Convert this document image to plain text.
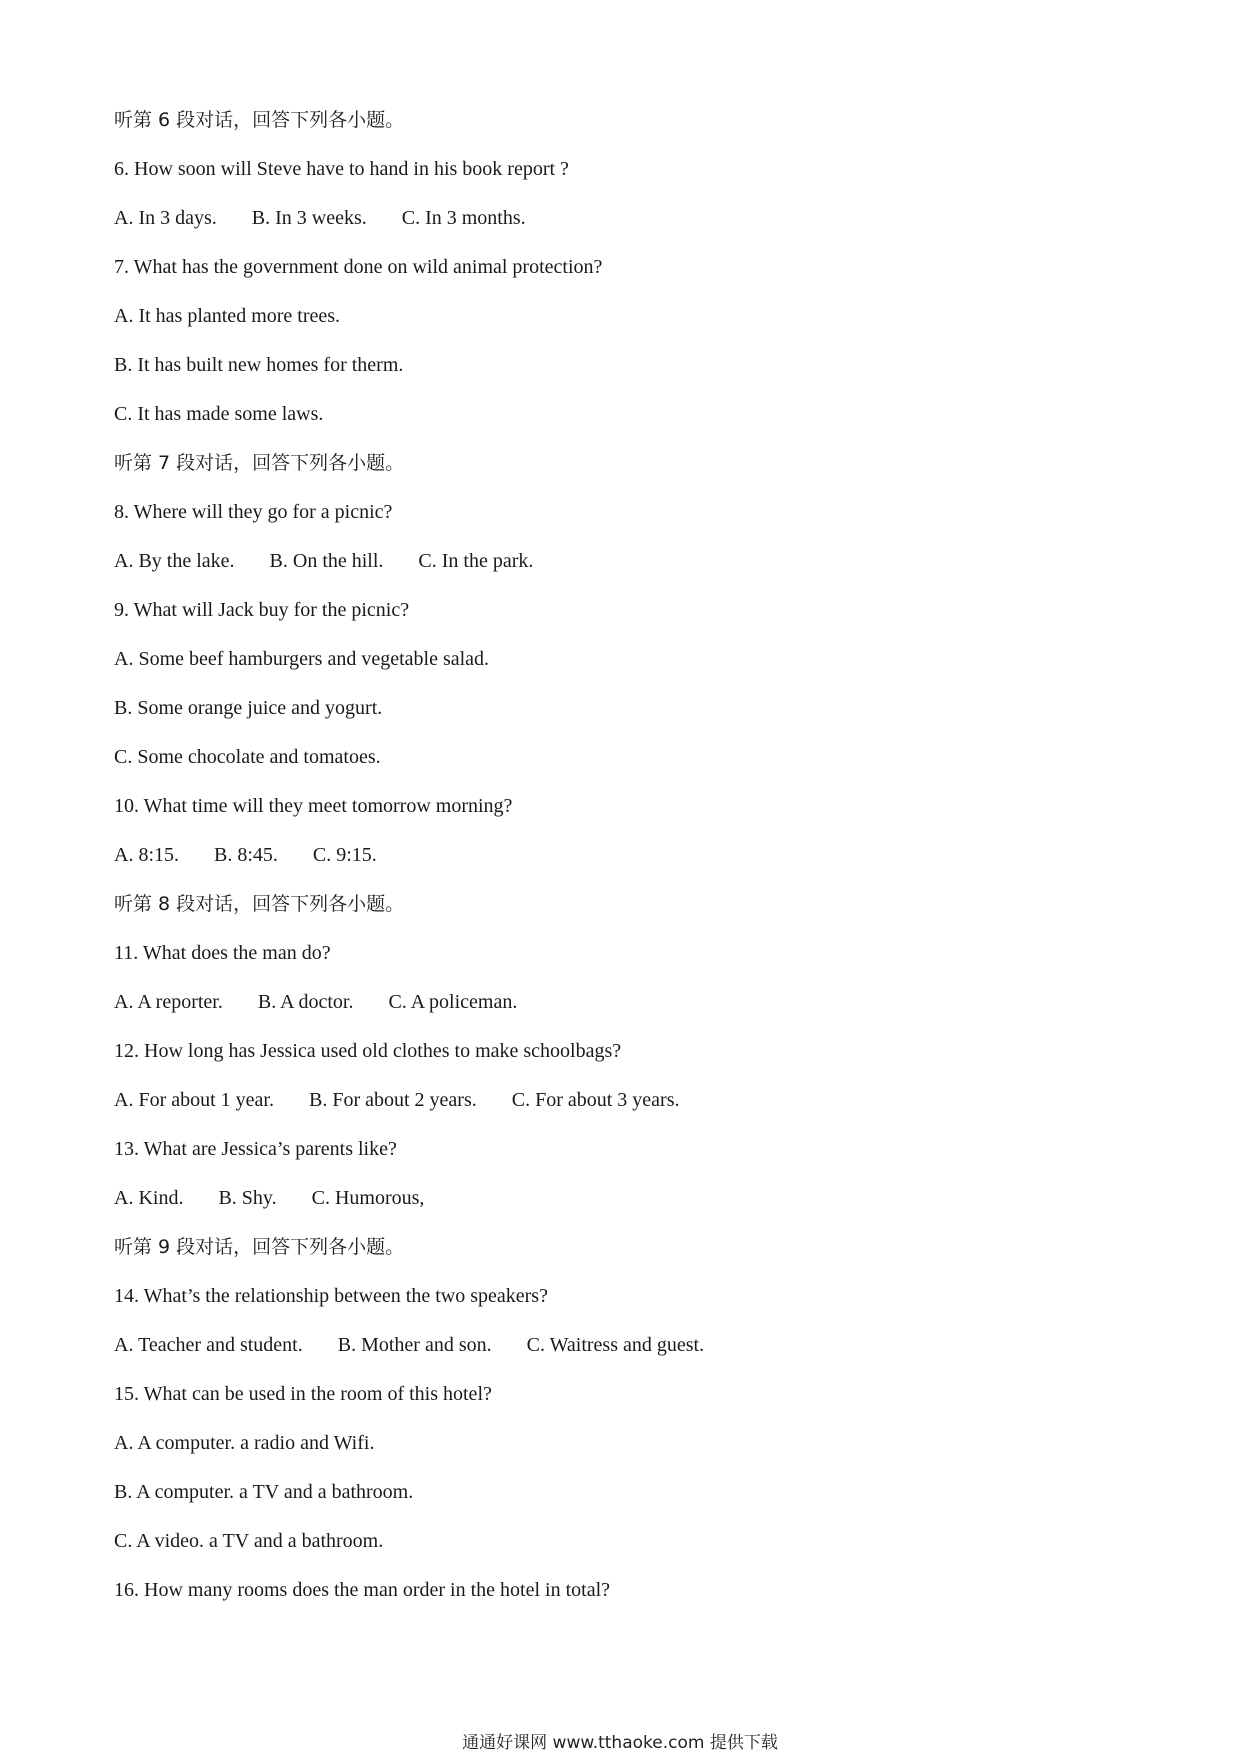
听第 6 段对话，回答下列各小题。
6. How soon will Steve have to hand in his book report ?
A. In 3 days. B. In 3 weeks. C. In 3 months.
7. What has the government done on wild animal protection?
A. It has planted more trees.
B. It has built new homes for therm.
C. It has made some laws.
听第 7 段对话，回答下列各小题。
8. Where will they go for a picnic?
A. By the lake. B. On the hill. C. In the park.
9. What will Jack buy for the picnic?
A. Some beef hamburgers and vegetable salad.
B. Some orange juice and yogurt.
C. Some chocolate and tomatoes.
10. What time will they meet tomorrow morning?
A. 8:15. B. 8:45. C. 9:15.
听第 8 段对话，回答下列各小题。
11. What does the man do?
A. A reporter. B. A doctor. C. A policeman.
12. How long has Jessica used old clothes to make schoolbags?
A. For about 1 year. B. For about 2 years. C. For about 3 years.
13. What are Jessica’s parents like?
A. Kind. B. Shy. C. Humorous,
听第 9 段对话，回答下列各小题。
14. What’s the relationship between the two speakers?
A. Teacher and student. B. Mother and son. C. Waitress and guest.
15. What can be used in the room of this hotel?
A. A computer. a radio and Wifi.
B. A computer. a TV and a bathroom.
C. A video. a TV and a bathroom.
16. How many rooms does the man order in the hotel in total?
通通好课网 www.tthaoke.com 提供下载
